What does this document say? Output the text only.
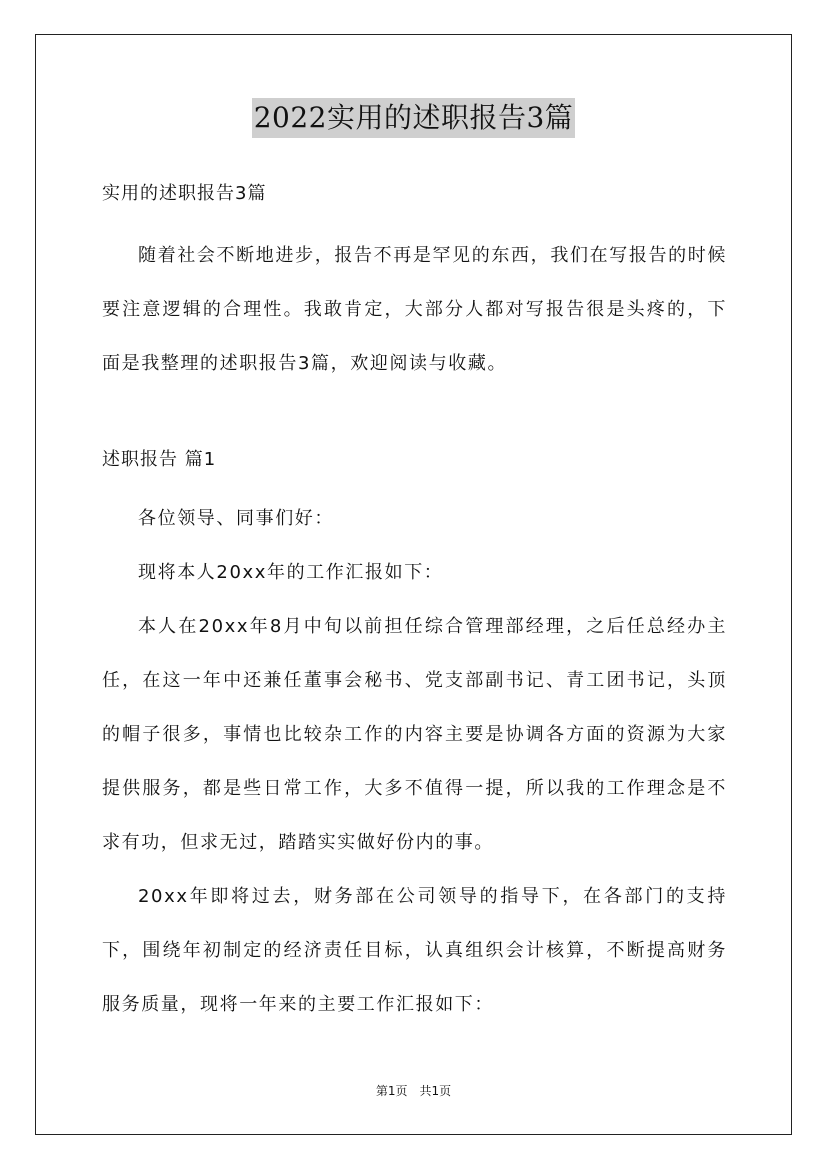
2022实用的述职报告3篇
实用的述职报告3篇

随着社会不断地进步，报告不再是罕见的东西，我们在写报告的时候要注意逻辑的合理性。我敢肯定，大部分人都对写报告很是头疼的，下面是我整理的述职报告3篇，欢迎阅读与收藏。

述职报告 篇1

各位领导、同事们好：

现将本人20xx年的工作汇报如下：

本人在20xx年8月中旬以前担任综合管理部经理，之后任总经办主任，在这一年中还兼任董事会秘书、党支部副书记、青工团书记，头顶的帽子很多，事情也比较杂工作的内容主要是协调各方面的资源为大家提供服务，都是些日常工作，大多不值得一提，所以我的工作理念是不求有功，但求无过，踏踏实实做好份内的事。

20xx年即将过去，财务部在公司领导的指导下，在各部门的支持下，围绕年初制定的经济责任目标，认真组织会计核算，不断提高财务服务质量，现将一年来的主要工作汇报如下：

第1页　共1页
